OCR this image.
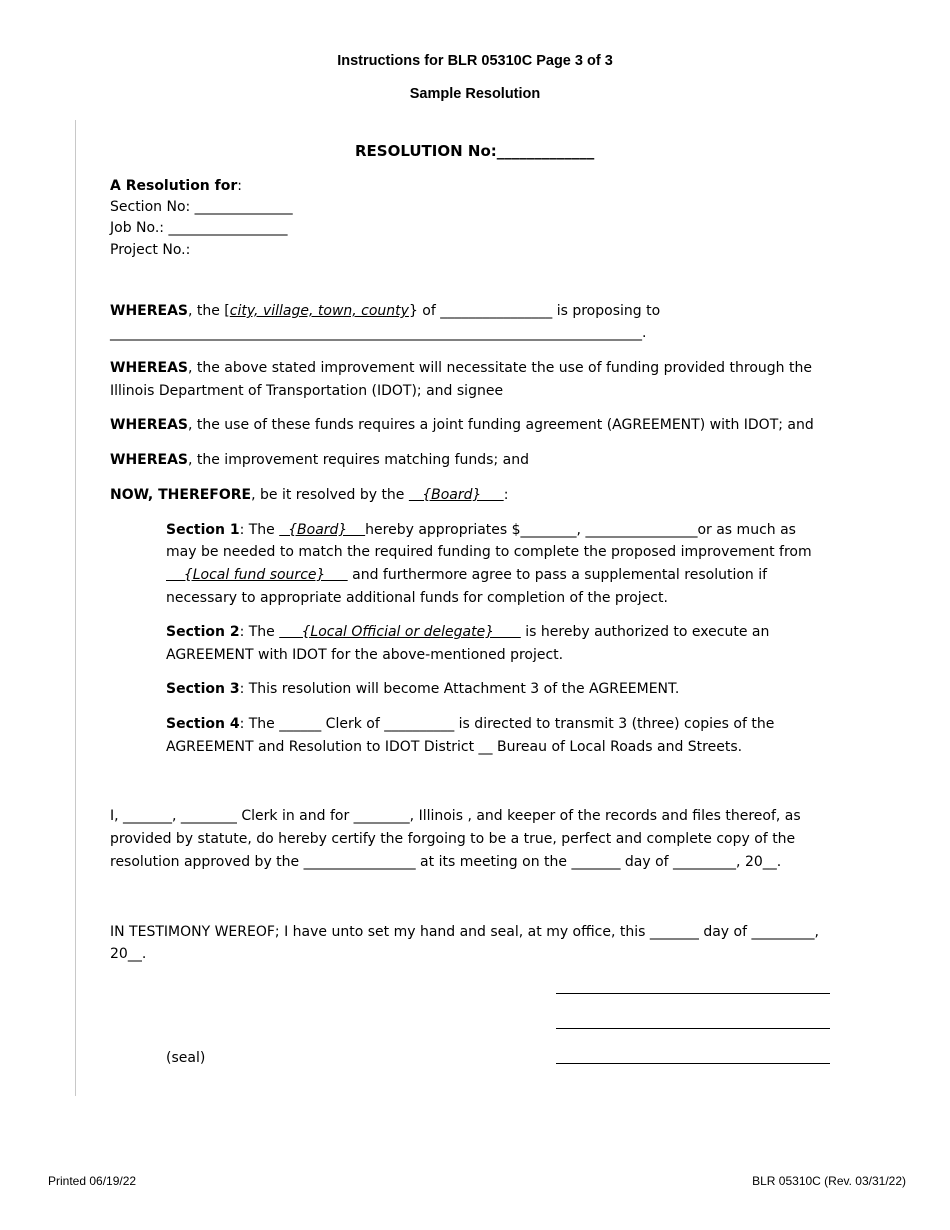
Instructions for BLR 05310C Page 3 of 3
Sample Resolution
RESOLUTION No:_____________
A Resolution for:
Section No: ______________
Job No.: _________________
Project No.:
WHEREAS, the [city, village, town, county} of ________________ is proposing to
____________________________________________________________________________.
WHEREAS, the above stated improvement will necessitate the use of funding provided through the Illinois Department of Transportation (IDOT); and signee
WHEREAS, the use of these funds requires a joint funding agreement (AGREEMENT) with IDOT; and
WHEREAS, the improvement requires matching funds; and
NOW, THEREFORE, be it resolved by the    {Board}     :
Section 1: The   {Board}    hereby appropriates $________, ________________or as much as
may be needed to match the required funding to complete the proposed improvement from
{Local fund source}      and furthermore agree to pass a supplemental resolution if
necessary to appropriate additional funds for completion of the project.
Section 2: The      {Local Official or delegate}       is hereby authorized to execute an
AGREEMENT with IDOT for the above-mentioned project.
Section 3: This resolution will become Attachment 3 of the AGREEMENT.
Section 4: The ______ Clerk of __________ is directed to transmit 3 (three) copies of the
AGREEMENT and Resolution to IDOT District __ Bureau of Local Roads and Streets.
I, _______, ________ Clerk in and for ________, Illinois , and keeper of the records and files thereof, as
provided by statute, do hereby certify the forgoing to be a true, perfect and complete copy of the
resolution approved by the ________________ at its meeting on the _______ day of _________, 20__.
IN TESTIMONY WEREOF; I have unto set my hand and seal, at my office, this _______ day of _________,
20__.
(seal)
Printed 06/19/22	BLR 05310C (Rev. 03/31/22)
